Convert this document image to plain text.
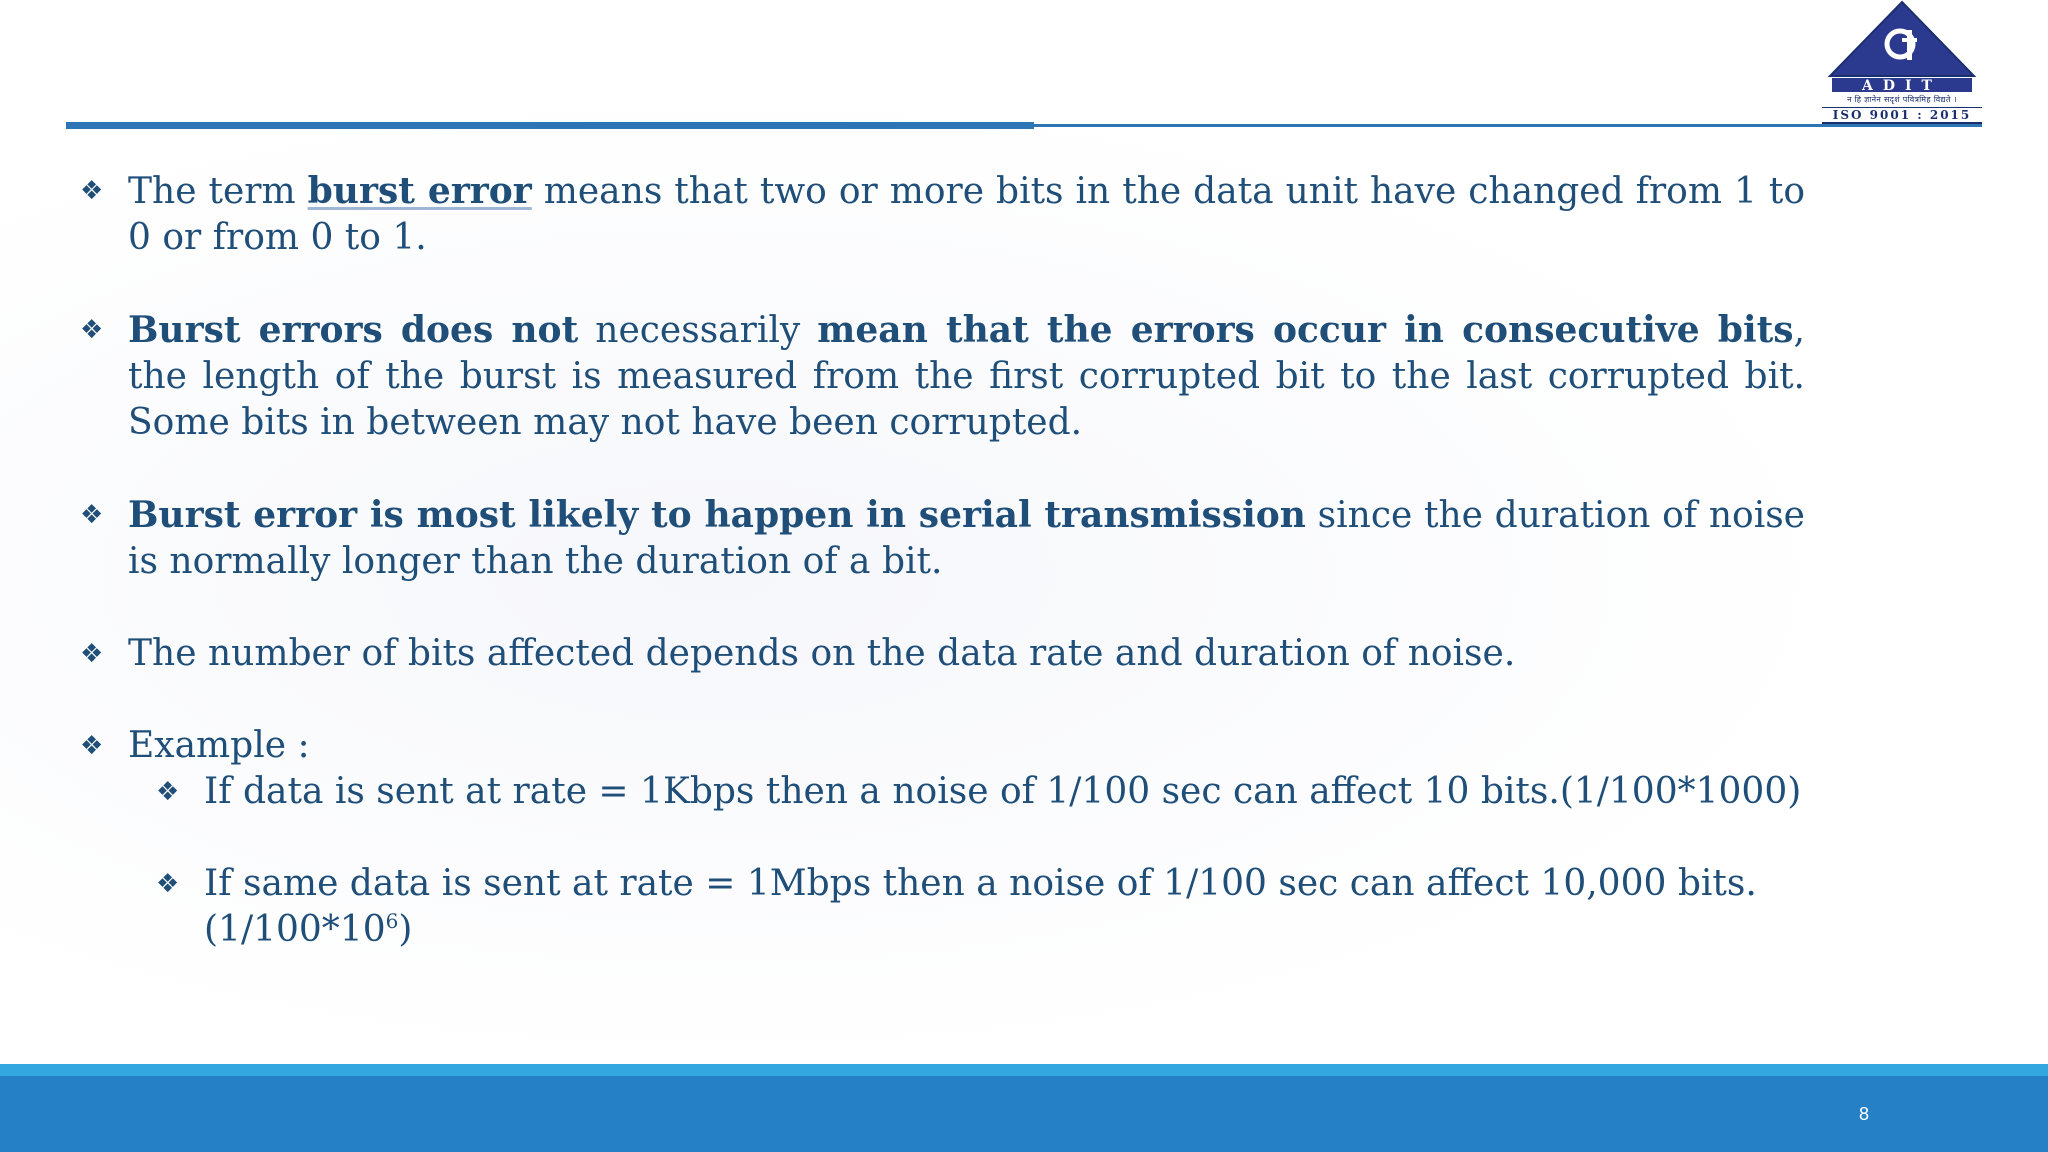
ADIT
न हि ज्ञानेन सदृशं पवित्रमिह विद्यते ।
ISO 9001 : 2015
❖ The term burst error means that two or more bits in the data unit have changed from 1 to 0 or from 0 to 1.
❖ Burst errors does not necessarily mean that the errors occur in consecutive bits, the length of the burst is measured from the first corrupted bit to the last corrupted bit. Some bits in between may not have been corrupted.
❖ Burst error is most likely to happen in serial transmission since the duration of noise is normally longer than the duration of a bit.
❖ The number of bits affected depends on the data rate and duration of noise.
❖ Example :
❖ If data is sent at rate = 1Kbps then a noise of 1/100 sec can affect 10 bits.(1/100*1000)
❖ If same data is sent at rate = 1Mbps then a noise of 1/100 sec can affect 10,000 $bits.(1/100*10^6)$
8
